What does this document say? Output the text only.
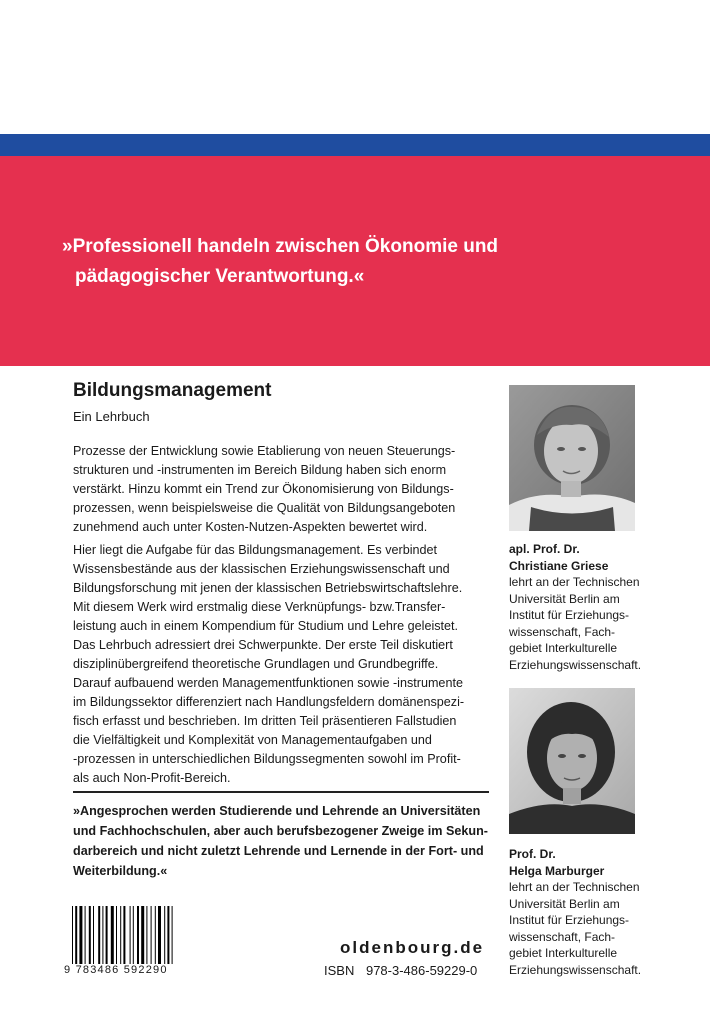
»Professionell handeln zwischen Ökonomie und
pädagogischer Verantwortung.«
Bildungsmanagement
Ein Lehrbuch

Prozesse der Entwicklung sowie Etablierung von neuen Steuerungs-
strukturen und -instrumenten im Bereich Bildung haben sich enorm
verstärkt. Hinzu kommt ein Trend zur Ökonomisierung von Bildungs-
prozessen, wenn beispielsweise die Qualität von Bildungsangeboten
zunehmend auch unter Kosten-Nutzen-Aspekten bewertet wird.

Hier liegt die Aufgabe für das Bildungsmanagement. Es verbindet
Wissensbestände aus der klassischen Erziehungswissenschaft und
Bildungsforschung mit jenen der klassischen Betriebswirtschaftslehre.
Mit diesem Werk wird erstmalig diese Verknüpfungs- bzw.Transfer-
leistung auch in einem Kompendium für Studium und Lehre geleistet.

Das Lehrbuch adressiert drei Schwerpunkte. Der erste Teil diskutiert
disziplinübergreifend theoretische Grundlagen und Grundbegriffe.
Darauf aufbauend werden Managementfunktionen sowie -instrumente
im Bildungssektor differenziert nach Handlungsfeldern domänenspezi-
fisch erfasst und beschrieben. Im dritten Teil präsentieren Fallstudien
die Vielfältigkeit und Komplexität von Managementaufgaben und
-prozessen in unterschiedlichen Bildungssegmenten sowohl im Profit-
als auch Non-Profit-Bereich.

»Angesprochen werden Studierende und Lehrende an Universitäten
und Fachhochschulen, aber auch berufsbezogener Zweige im Sekun-
darbereich und nicht zuletzt Lehrende und Lernende in der Fort- und
Weiterbildung.«

apl. Prof. Dr.
Christiane Griese
lehrt an der Technischen
Universität Berlin am
Institut für Erziehungs-
wissenschaft, Fach-
gebiet Interkulturelle
Erziehungswissenschaft.

Prof. Dr.
Helga Marburger
lehrt an der Technischen
Universität Berlin am
Institut für Erziehungs-
wissenschaft, Fach-
gebiet Interkulturelle
Erziehungswissenschaft.

9 783486 592290
oldenbourg.de
ISBN 978-3-486-59229-0
